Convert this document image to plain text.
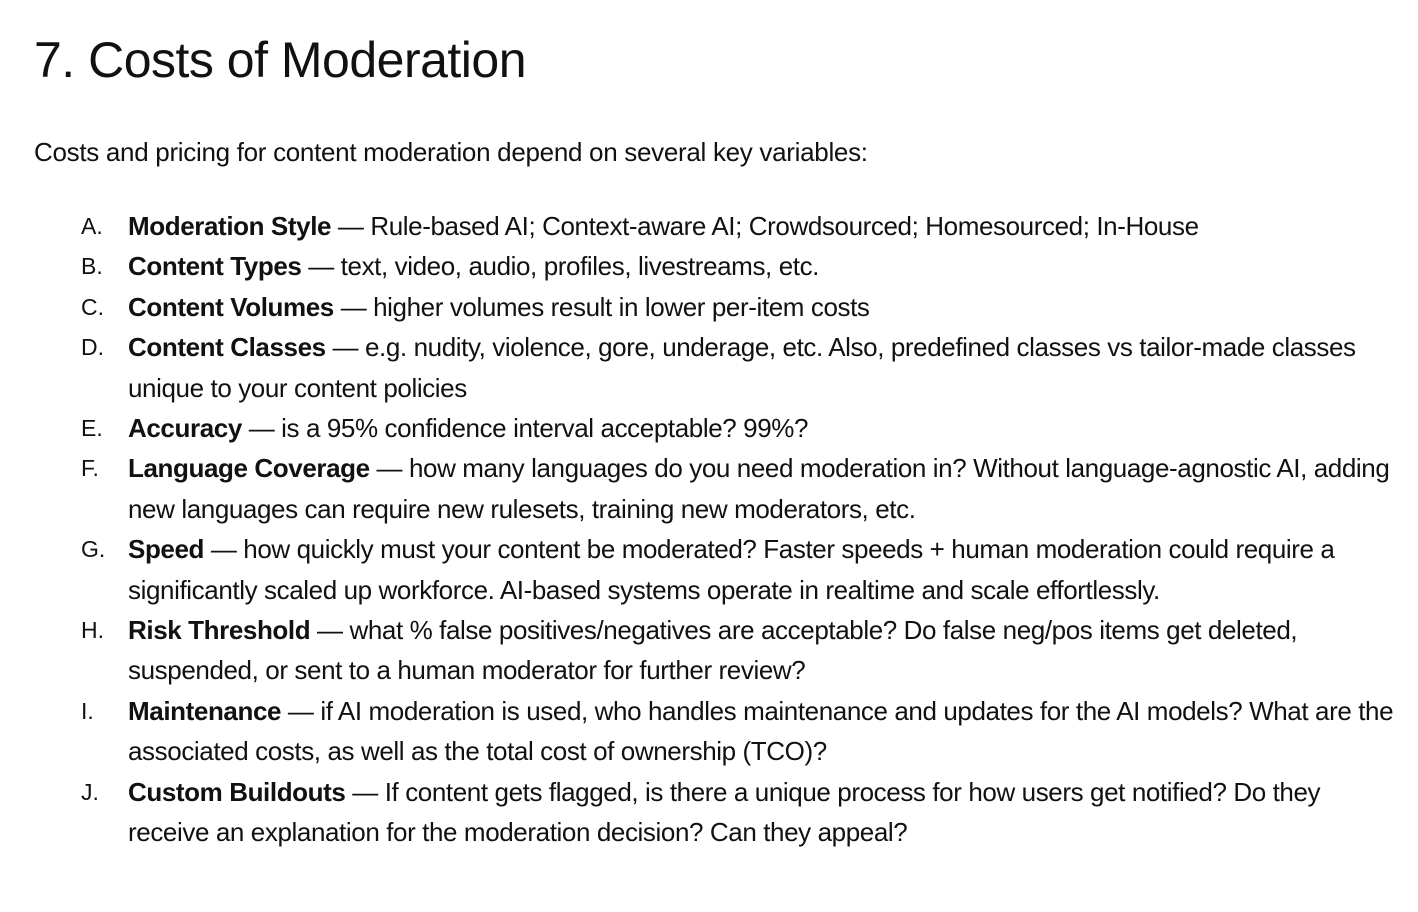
7. Costs of Moderation

Costs and pricing for content moderation depend on several key variables:

A. Moderation Style — Rule-based AI; Context-aware AI; Crowdsourced; Homesourced; In-House
B. Content Types — text, video, audio, profiles, livestreams, etc.
C. Content Volumes — higher volumes result in lower per-item costs
D. Content Classes — e.g. nudity, violence, gore, underage, etc. Also, predefined classes vs tailor-made classes unique to your content policies
E. Accuracy — is a 95% confidence interval acceptable? 99%?
F. Language Coverage — how many languages do you need moderation in? Without language-agnostic AI, adding new languages can require new rulesets, training new moderators, etc.
G. Speed — how quickly must your content be moderated? Faster speeds + human moderation could require a significantly scaled up workforce. AI-based systems operate in realtime and scale effortlessly.
H. Risk Threshold — what % false positives/negatives are acceptable? Do false neg/pos items get deleted, suspended, or sent to a human moderator for further review?
I. Maintenance — if AI moderation is used, who handles maintenance and updates for the AI models? What are the associated costs, as well as the total cost of ownership (TCO)?
J. Custom Buildouts — If content gets flagged, is there a unique process for how users get notified? Do they receive an explanation for the moderation decision? Can they appeal?
